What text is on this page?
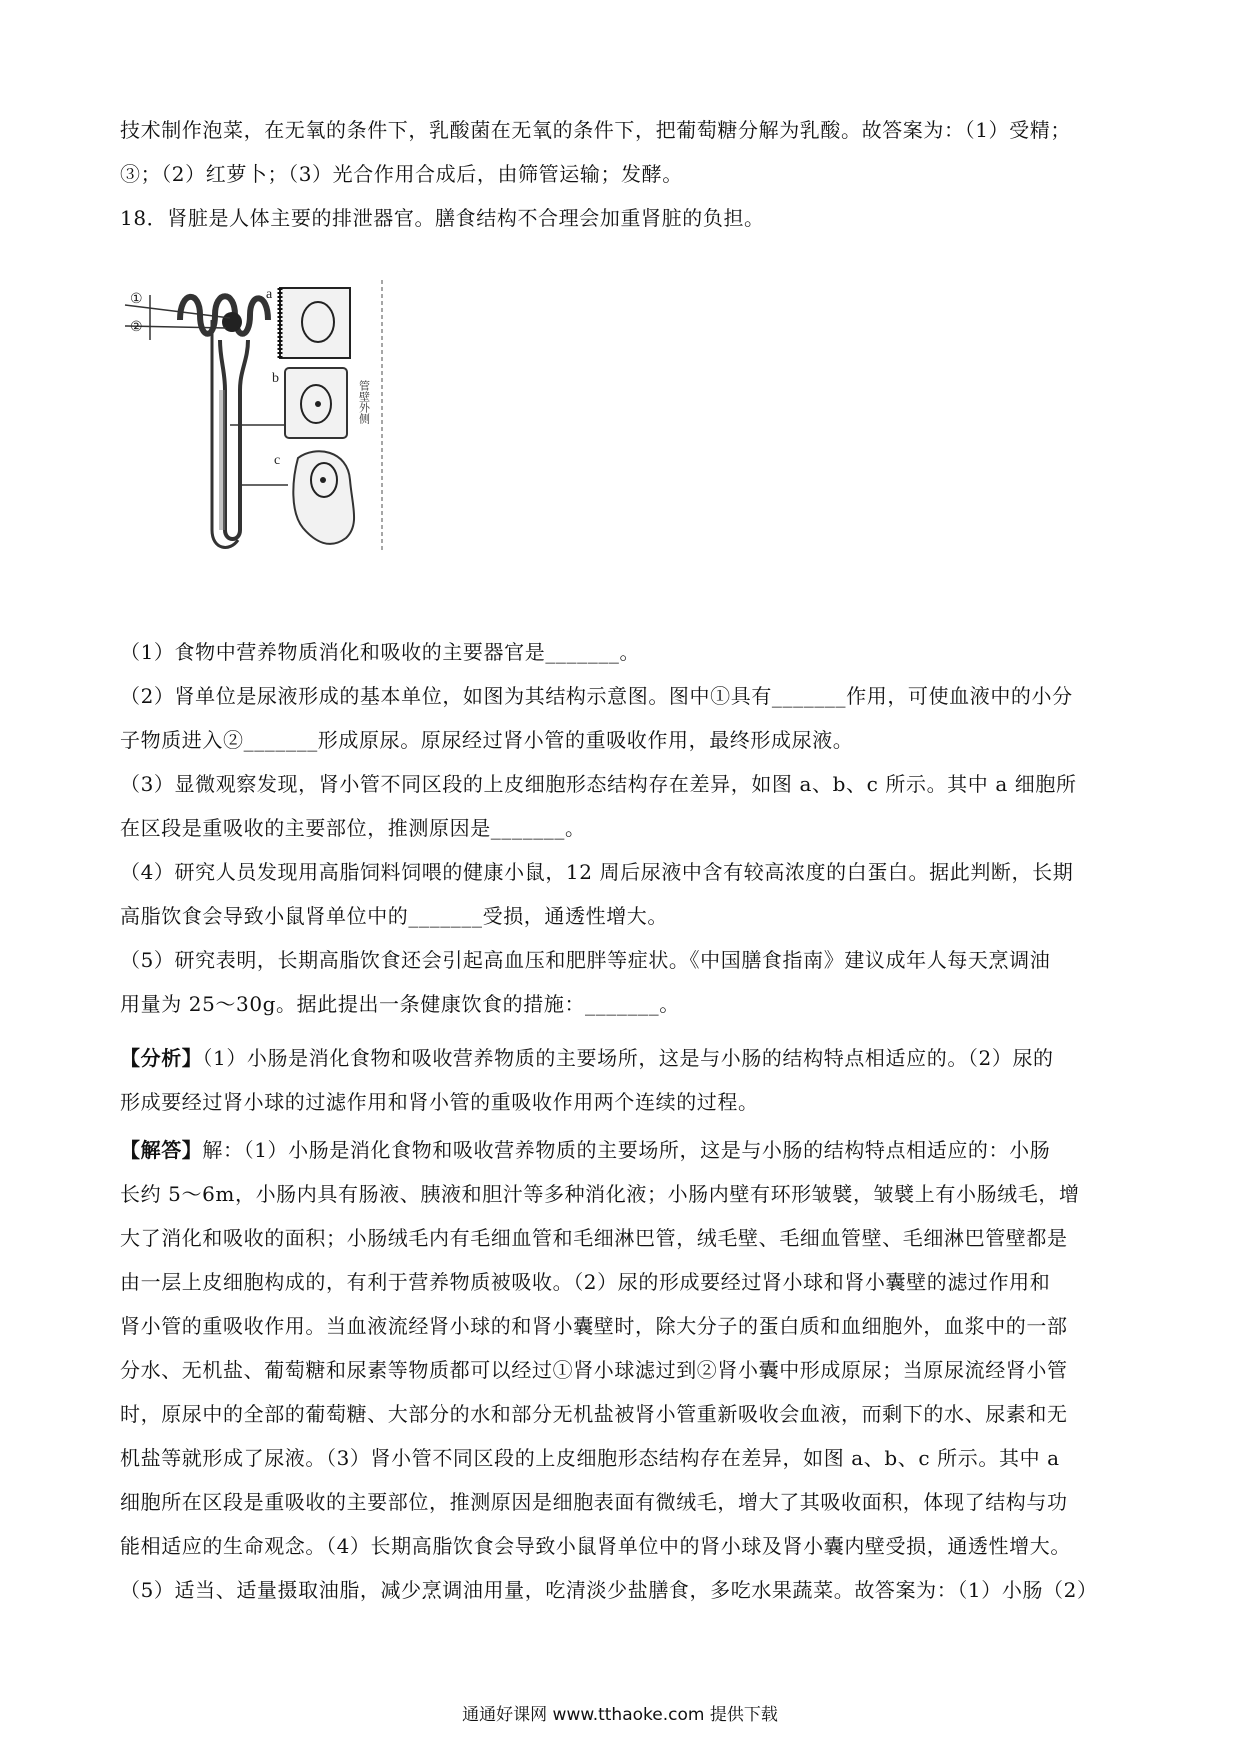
技术制作泡菜，在无氧的条件下，乳酸菌在无氧的条件下，把葡萄糖分解为乳酸。故答案为：（1）受精；

③；（2）红萝卜；（3）光合作用合成后，由筛管运输；发酵。

18．肾脏是人体主要的排泄器官。膳食结构不合理会加重肾脏的负担。

①
②
a
b
c
管壁外侧

（1）食物中营养物质消化和吸收的主要器官是_______。

（2）肾单位是尿液形成的基本单位，如图为其结构示意图。图中①具有_______作用，可使血液中的小分

子物质进入②_______形成原尿。原尿经过肾小管的重吸收作用，最终形成尿液。

（3）显微观察发现，肾小管不同区段的上皮细胞形态结构存在差异，如图 a、b、c 所示。其中 a 细胞所

在区段是重吸收的主要部位，推测原因是_______。

（4）研究人员发现用高脂饲料饲喂的健康小鼠，12 周后尿液中含有较高浓度的白蛋白。据此判断，长期

高脂饮食会导致小鼠肾单位中的_______受损，通透性增大。

（5）研究表明，长期高脂饮食还会引起高血压和肥胖等症状。《中国膳食指南》建议成年人每天烹调油

用量为 25～30g。据此提出一条健康饮食的措施：_______。

【分析】（1）小肠是消化食物和吸收营养物质的主要场所，这是与小肠的结构特点相适应的。（2）尿的

形成要经过肾小球的过滤作用和肾小管的重吸收作用两个连续的过程。

【解答】解：（1）小肠是消化食物和吸收营养物质的主要场所，这是与小肠的结构特点相适应的：小肠

长约 5～6m，小肠内具有肠液、胰液和胆汁等多种消化液；小肠内壁有环形皱襞，皱襞上有小肠绒毛，增

大了消化和吸收的面积；小肠绒毛内有毛细血管和毛细淋巴管，绒毛壁、毛细血管壁、毛细淋巴管壁都是

由一层上皮细胞构成的，有利于营养物质被吸收。（2）尿的形成要经过肾小球和肾小囊壁的滤过作用和

肾小管的重吸收作用。当血液流经肾小球的和肾小囊壁时，除大分子的蛋白质和血细胞外，血浆中的一部

分水、无机盐、葡萄糖和尿素等物质都可以经过①肾小球滤过到②肾小囊中形成原尿；当原尿流经肾小管

时，原尿中的全部的葡萄糖、大部分的水和部分无机盐被肾小管重新吸收会血液，而剩下的水、尿素和无

机盐等就形成了尿液。（3）肾小管不同区段的上皮细胞形态结构存在差异，如图 a、b、c 所示。其中 a

细胞所在区段是重吸收的主要部位，推测原因是细胞表面有微绒毛，增大了其吸收面积，体现了结构与功

能相适应的生命观念。（4）长期高脂饮食会导致小鼠肾单位中的肾小球及肾小囊内壁受损，通透性增大。

（5）适当、适量摄取油脂，减少烹调油用量，吃清淡少盐膳食，多吃水果蔬菜。故答案为：（1）小肠（2）

通通好课网 www.tthaoke.com 提供下载
